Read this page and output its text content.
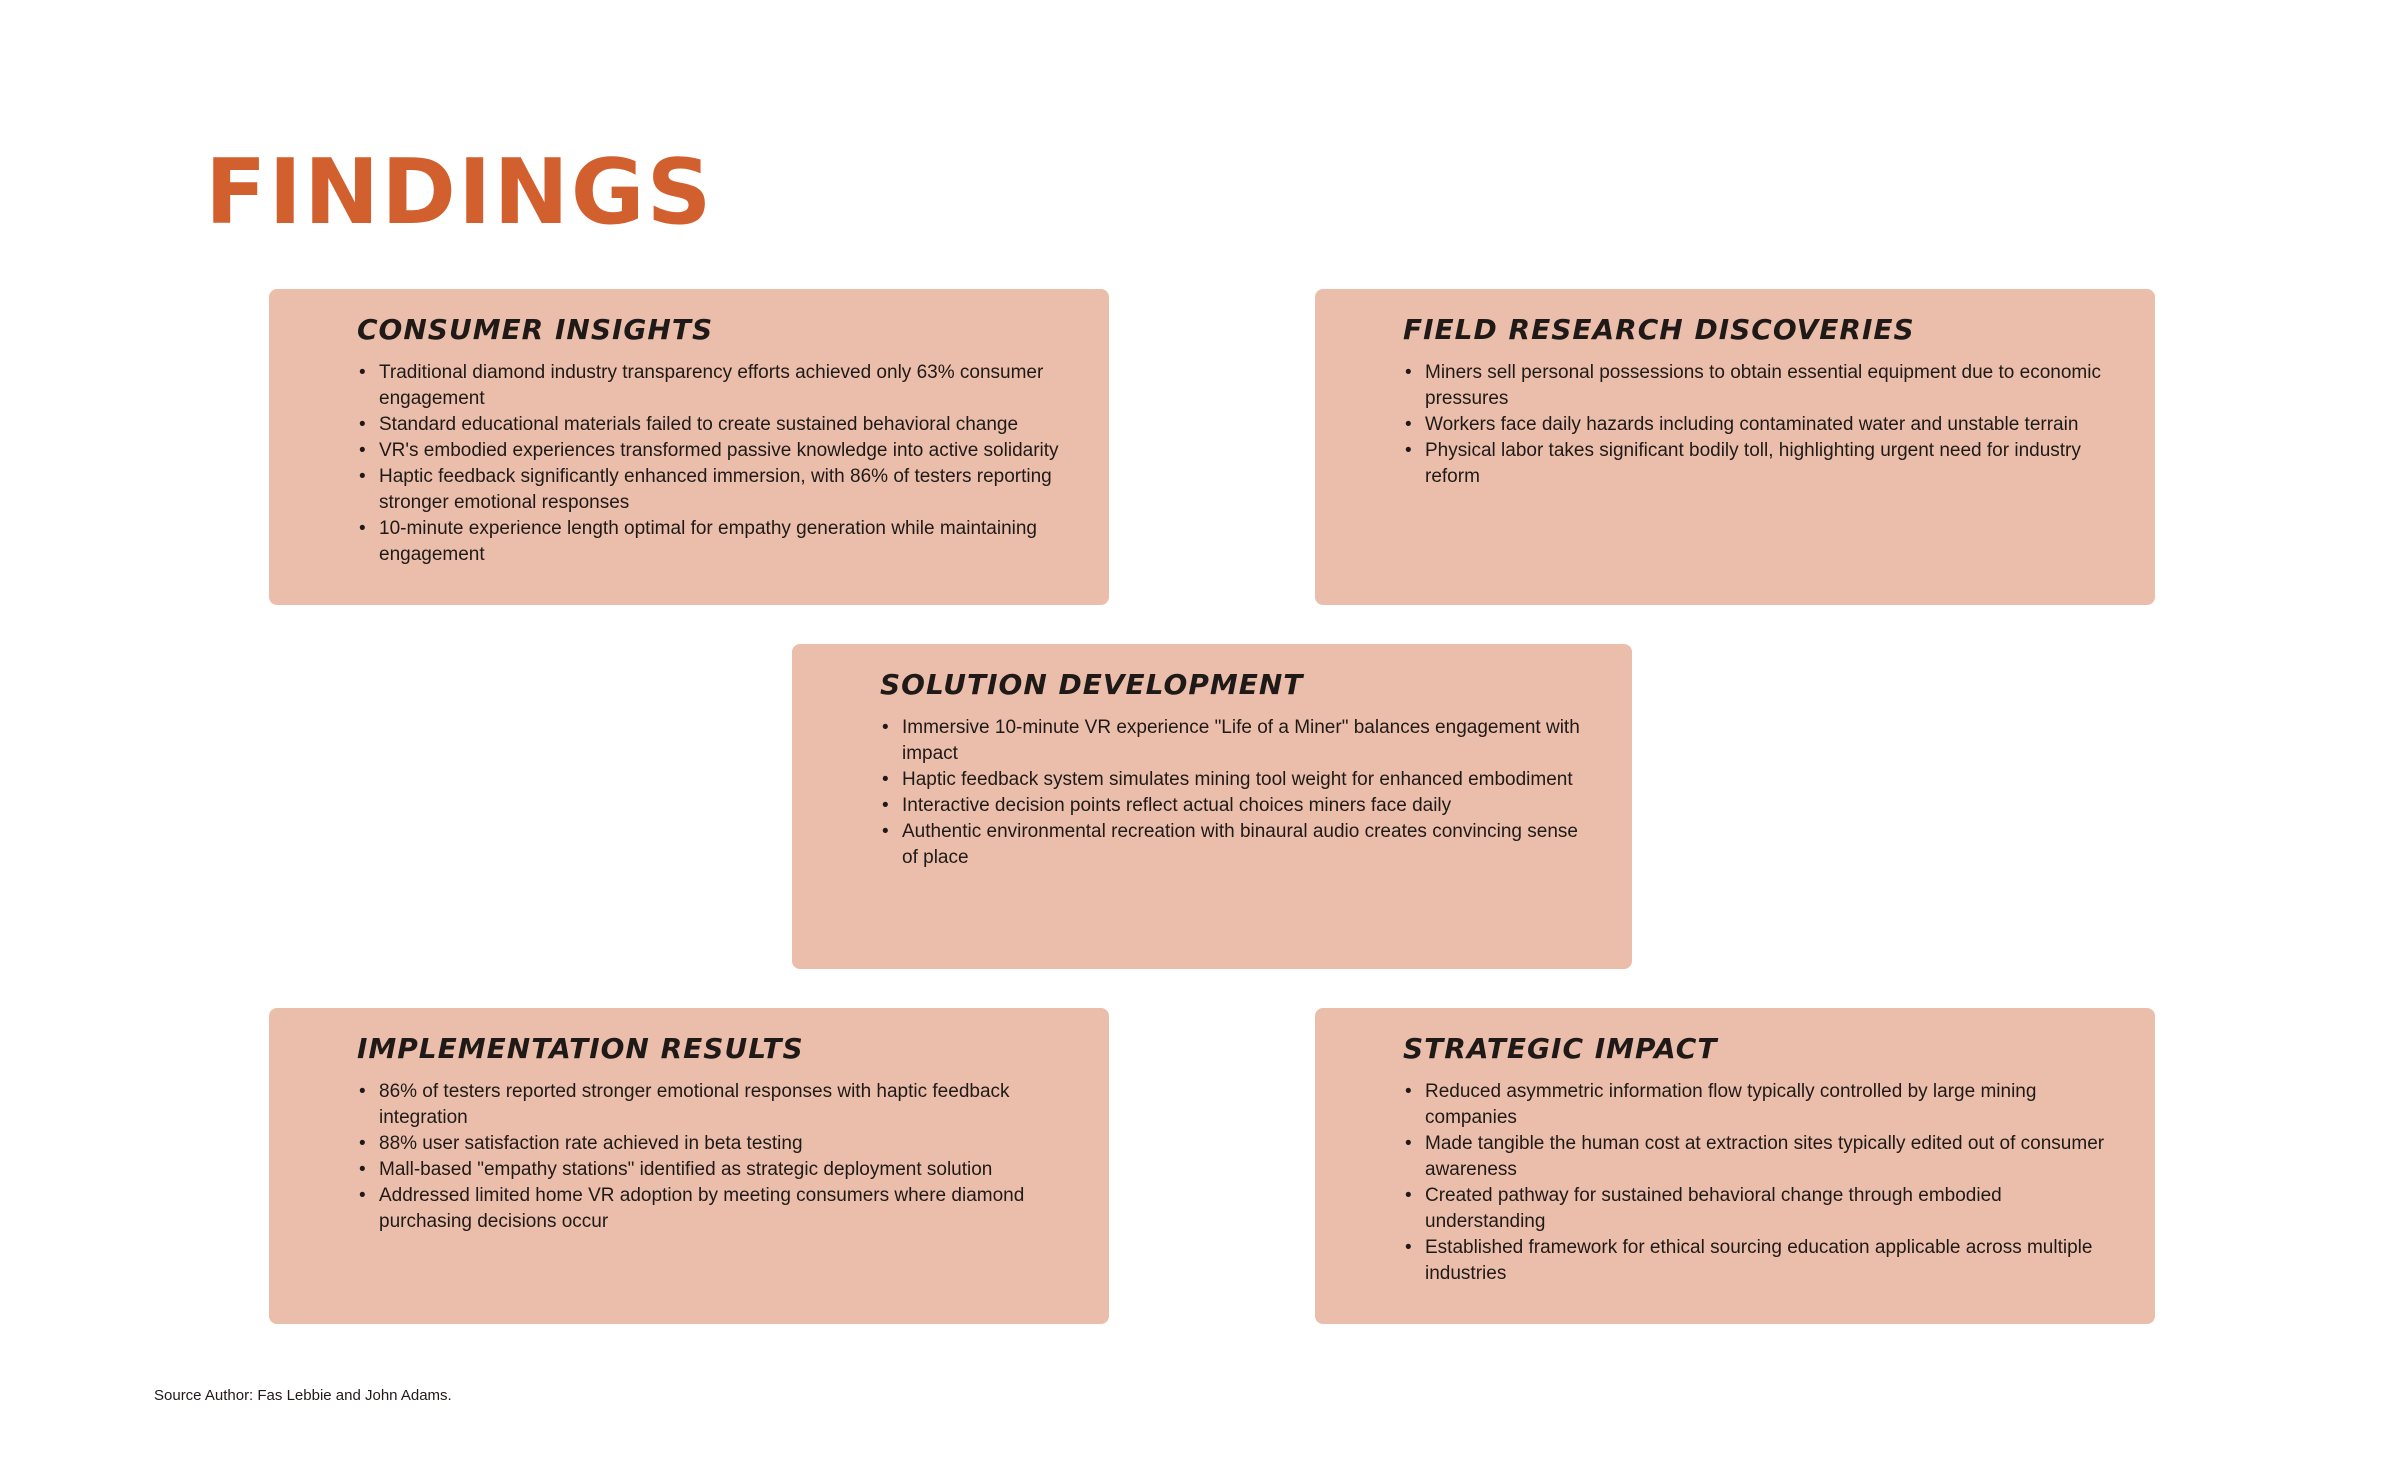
FINDINGS
CONSUMER INSIGHTS
• Traditional diamond industry transparency efforts achieved only 63% consumer engagement
• Standard educational materials failed to create sustained behavioral change
• VR's embodied experiences transformed passive knowledge into active solidarity
• Haptic feedback significantly enhanced immersion, with 86% of testers reporting stronger emotional responses
• 10-minute experience length optimal for empathy generation while maintaining engagement
FIELD RESEARCH DISCOVERIES
• Miners sell personal possessions to obtain essential equipment due to economic pressures
• Workers face daily hazards including contaminated water and unstable terrain
• Physical labor takes significant bodily toll, highlighting urgent need for industry reform
SOLUTION DEVELOPMENT
• Immersive 10-minute VR experience "Life of a Miner" balances engagement with impact
• Haptic feedback system simulates mining tool weight for enhanced embodiment
• Interactive decision points reflect actual choices miners face daily
• Authentic environmental recreation with binaural audio creates convincing sense of place
IMPLEMENTATION RESULTS
• 86% of testers reported stronger emotional responses with haptic feedback integration
• 88% user satisfaction rate achieved in beta testing
• Mall-based "empathy stations" identified as strategic deployment solution
• Addressed limited home VR adoption by meeting consumers where diamond purchasing decisions occur
STRATEGIC IMPACT
• Reduced asymmetric information flow typically controlled by large mining companies
• Made tangible the human cost at extraction sites typically edited out of consumer awareness
• Created pathway for sustained behavioral change through embodied understanding
• Established framework for ethical sourcing education applicable across multiple industries

Source Author: Fas Lebbie and John Adams.
